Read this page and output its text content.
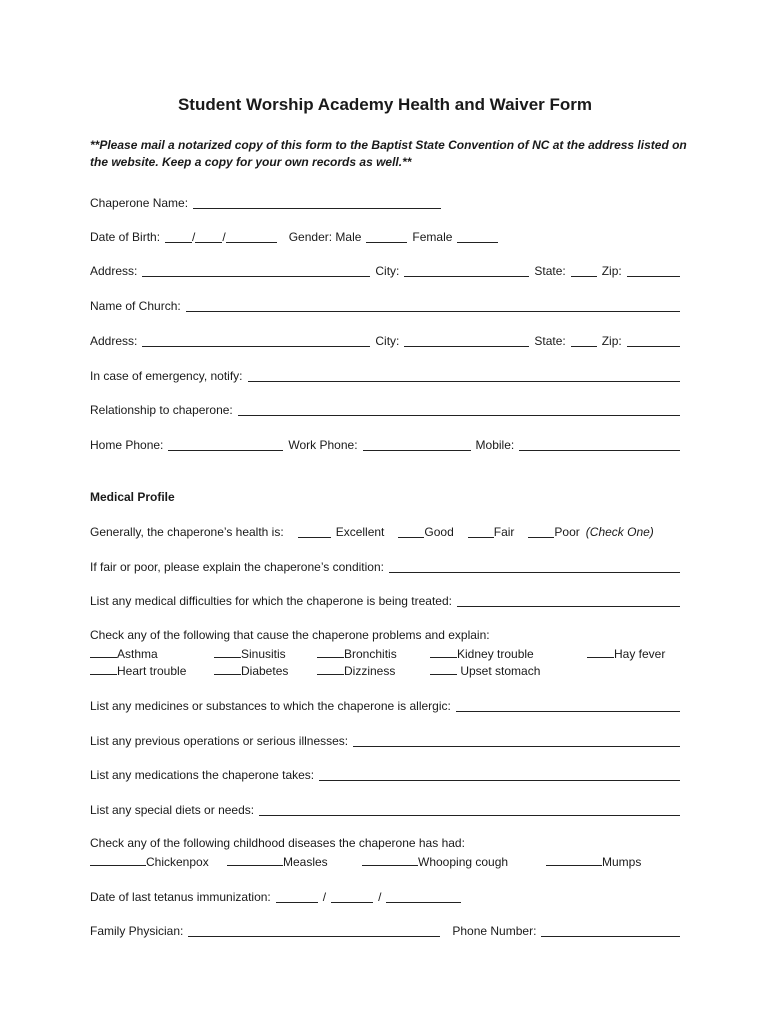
Student Worship Academy Health and Waiver Form
**Please mail a notarized copy of this form to the Baptist State Convention of NC at the address listed on the website. Keep a copy for your own records as well.**
Chaperone Name:
Date of Birth:	/ /	Gender: Male	Female
Address:	City:	State:	Zip:
Name of Church:
Address:	City:	State:	Zip:
In case of emergency, notify:
Relationship to chaperone:
Home Phone:	Work Phone:	Mobile:
Medical Profile
Generally, the chaperone’s health is:	Excellent	Good	Fair	Poor (Check One)
If fair or poor, please explain the chaperone’s condition:
List any medical difficulties for which the chaperone is being treated:
Check any of the following that cause the chaperone problems and explain:
Asthma	Sinusitis	Bronchitis	Kidney trouble	Hay fever
Heart trouble	Diabetes	Dizziness	Upset stomach
List any medicines or substances to which the chaperone is allergic:
List any previous operations or serious illnesses:
List any medications the chaperone takes:
List any special diets or needs:
Check any of the following childhood diseases the chaperone has had:
Chickenpox	Measles	Whooping cough	Mumps
Date of last tetanus immunization:	/	/
Family Physician:	Phone Number:
